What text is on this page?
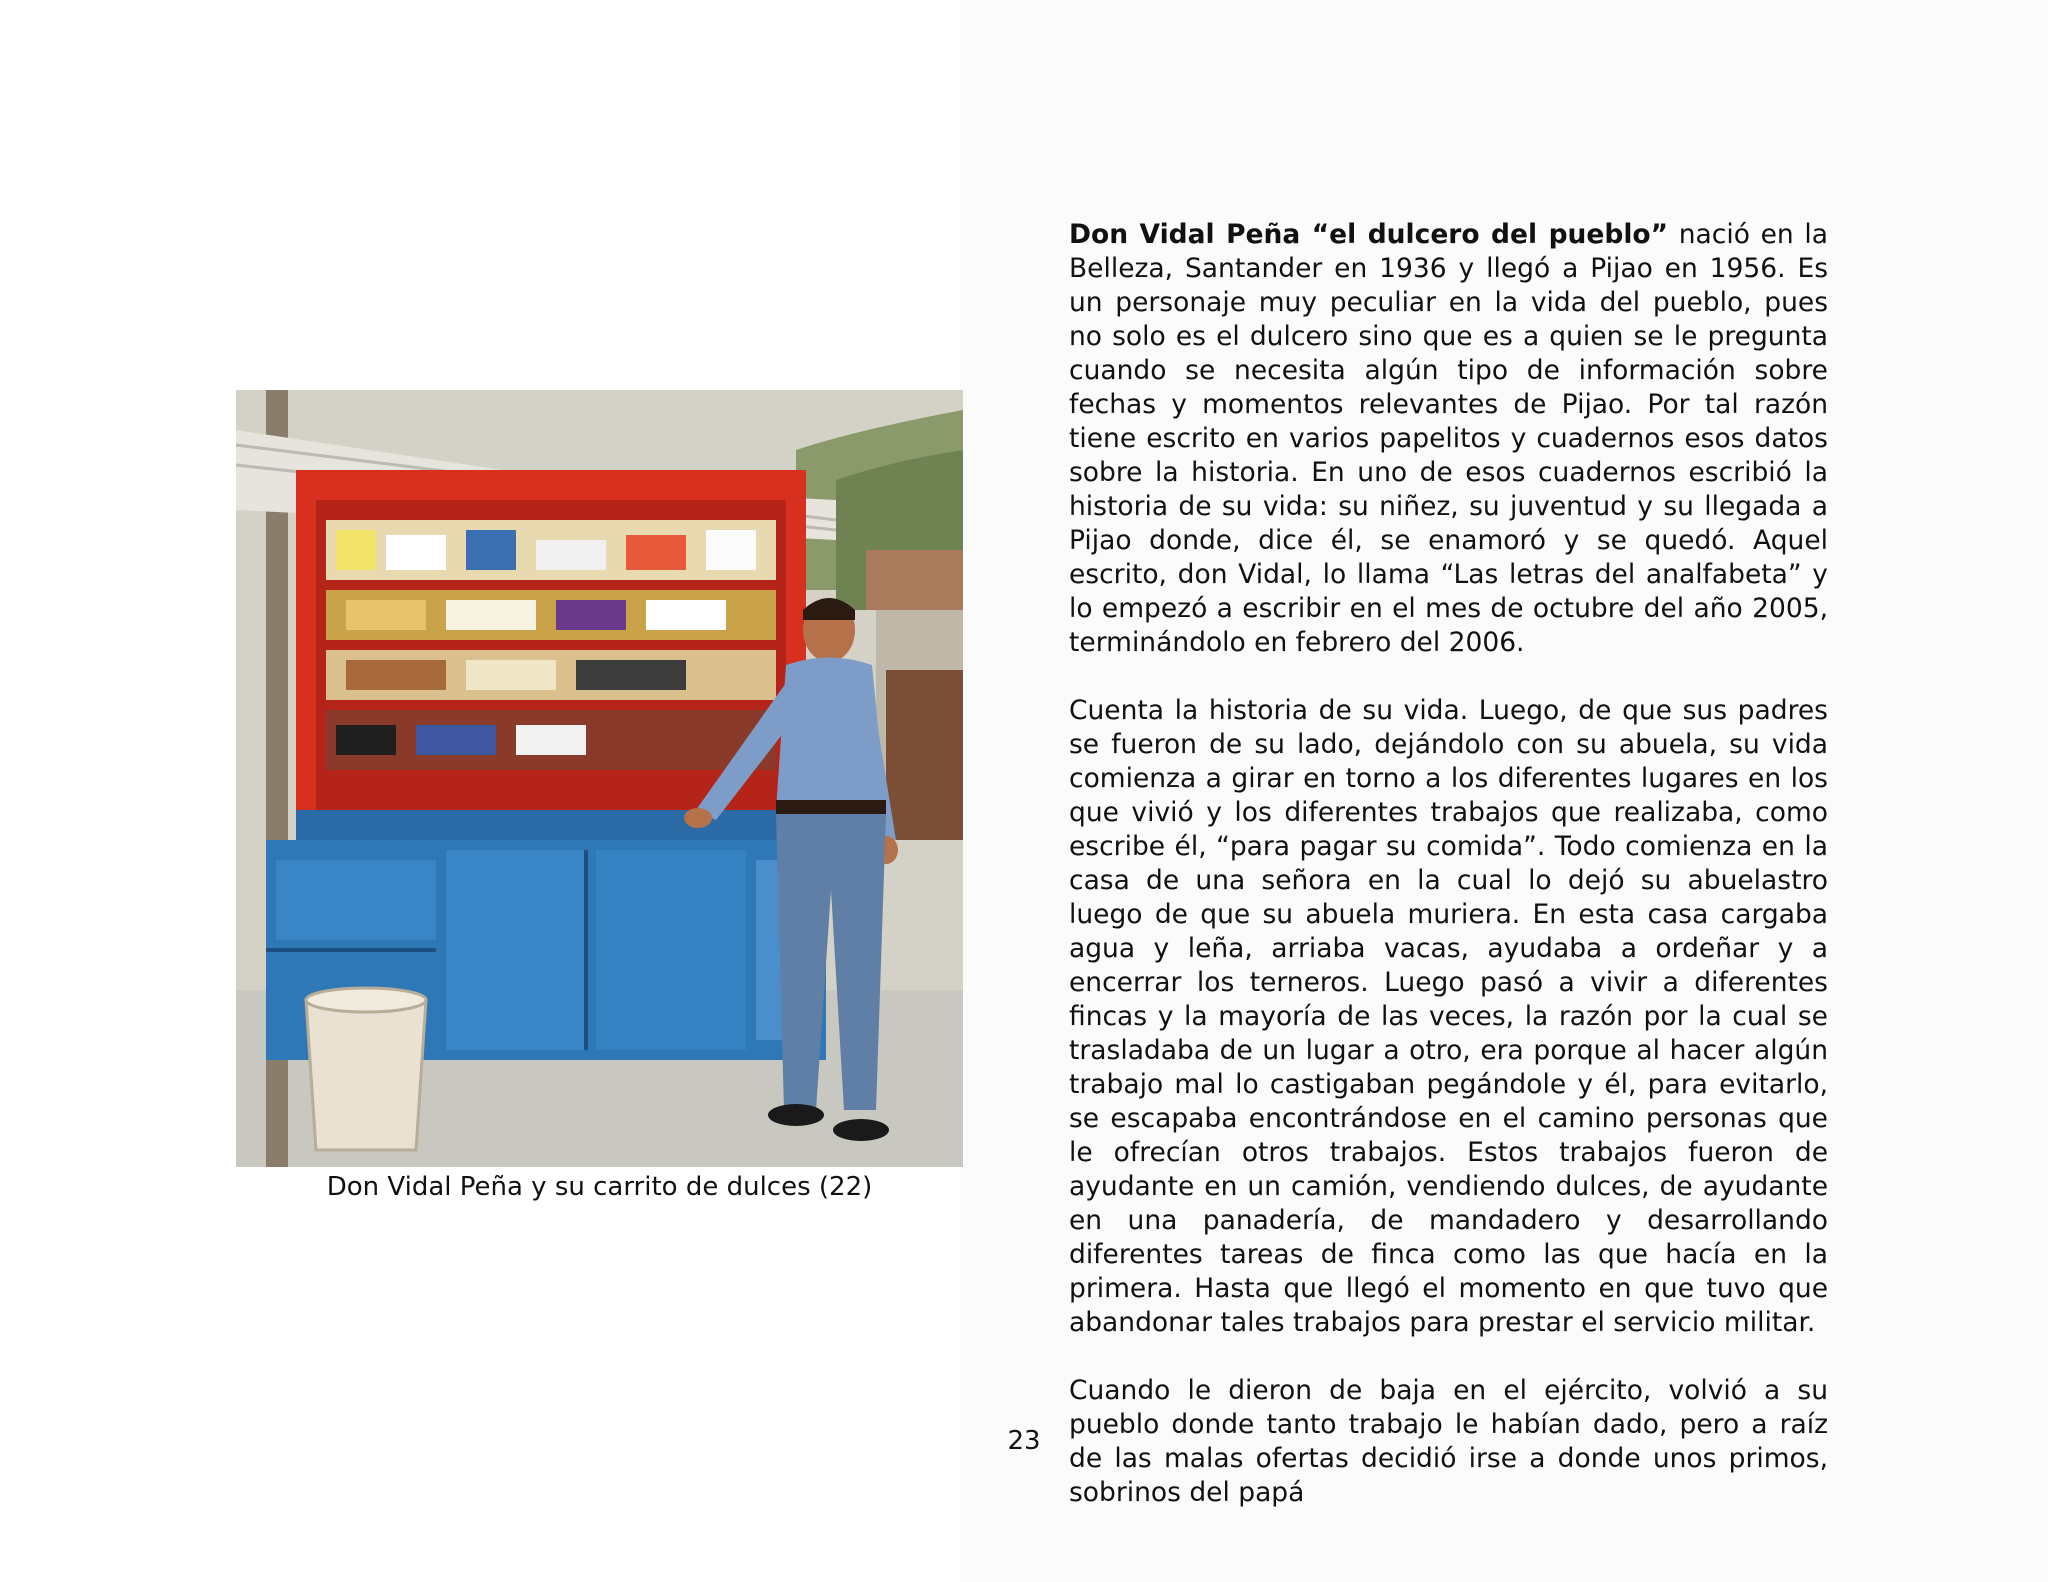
Don Vidal Peña y su carrito de dulces (22)

Don Vidal Peña “el dulcero del pueblo” nació en la Belleza, Santander en 1936 y llegó a Pijao en 1956. Es un personaje muy peculiar en la vida del pueblo, pues no solo es el dulcero sino que es a quien se le pregunta cuando se necesita algún tipo de información sobre fechas y momentos relevantes de Pijao. Por tal razón tiene escrito en varios papelitos y cuadernos esos datos sobre la historia. En uno de esos cuadernos escribió la historia de su vida: su niñez, su juventud y su llegada a Pijao donde, dice él, se enamoró y se quedó. Aquel escrito, don Vidal, lo llama “Las letras del analfabeta” y lo empezó a escribir en el mes de octubre del año 2005, terminándolo en febrero del 2006.

Cuenta la historia de su vida. Luego, de que sus padres se fueron de su lado, dejándolo con su abuela, su vida comienza a girar en torno a los diferentes lugares en los que vivió y los diferentes trabajos que realizaba, como escribe él, “para pagar su comida”. Todo comienza en la casa de una señora en la cual lo dejó su abuelastro luego de que su abuela muriera. En esta casa cargaba agua y leña, arriaba vacas, ayudaba a ordeñar y a encerrar los terneros. Luego pasó a vivir a diferentes fincas y la mayoría de las veces, la razón por la cual se trasladaba de un lugar a otro, era porque al hacer algún trabajo mal lo castigaban pegándole y él, para evitarlo, se escapaba encontrándose en el camino personas que le ofrecían otros trabajos. Estos trabajos fueron de ayudante en un camión, vendiendo dulces, de ayudante en una panadería, de mandadero y desarrollando diferentes tareas de finca como las que hacía en la primera. Hasta que llegó el momento en que tuvo que abandonar tales trabajos para prestar el servicio militar.

Cuando le dieron de baja en el ejército, volvió a su pueblo donde tanto trabajo le habían dado, pero a raíz de las malas ofertas decidió irse a donde unos primos, sobrinos del papá

23
